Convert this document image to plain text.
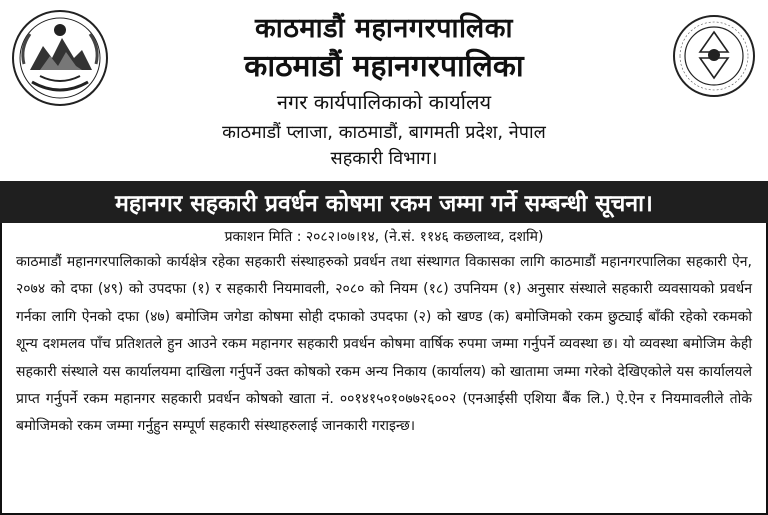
काठमाडौं महानगरपालिका
काठमाडौं महानगरपालिका
नगर कार्यपालिकाको कार्यालय
काठमाडौं प्लाजा, काठमाडौं, बागमती प्रदेश, नेपाल
सहकारी विभाग।
महानगर सहकारी प्रवर्धन कोषमा रकम जम्मा गर्ने सम्बन्धी सूचना।
प्रकाशन मिति : २०८२।०७।१४, (ने.सं. ११४६ कछलाथ्व, दशमि)

काठमाडौं महानगरपालिकाको कार्यक्षेत्र रहेका सहकारी संस्थाहरुको प्रवर्धन तथा संस्थागत विकासका लागि काठमाडौं महानगरपालिका सहकारी ऐन, २०७४ को दफा (४९) को उपदफा (१) र सहकारी नियमावली, २०८० को नियम (१८) उपनियम (१) अनुसार संस्थाले सहकारी व्यवसायको प्रवर्धन गर्नका लागि ऐनको दफा (४७) बमोजिम जगेडा कोषमा सोही दफाको उपदफा (२) को खण्ड (क) बमोजिमको रकम छुट्याई बाँकी रहेको रकमको शून्य दशमलव पाँच प्रतिशतले हुन आउने रकम महानगर सहकारी प्रवर्धन कोषमा वार्षिक रुपमा जम्मा गर्नुपर्ने व्यवस्था छ। यो व्यवस्था बमोजिम केही सहकारी संस्थाले यस कार्यालयमा दाखिला गर्नुपर्ने उक्त कोषको रकम अन्य निकाय (कार्यालय) को खातामा जम्मा गरेको देखिएकोले यस कार्यालयले प्राप्त गर्नुपर्ने रकम महानगर सहकारी प्रवर्धन कोषको खाता नं. ००१४१५०१०७७२६००२ (एनआईसी एशिया बैंक लि.) ऐ.ऐन र नियमावलीले तोके बमोजिमको रकम जम्मा गर्नुहुन सम्पूर्ण सहकारी संस्थाहरुलाई जानकारी गराइन्छ।
